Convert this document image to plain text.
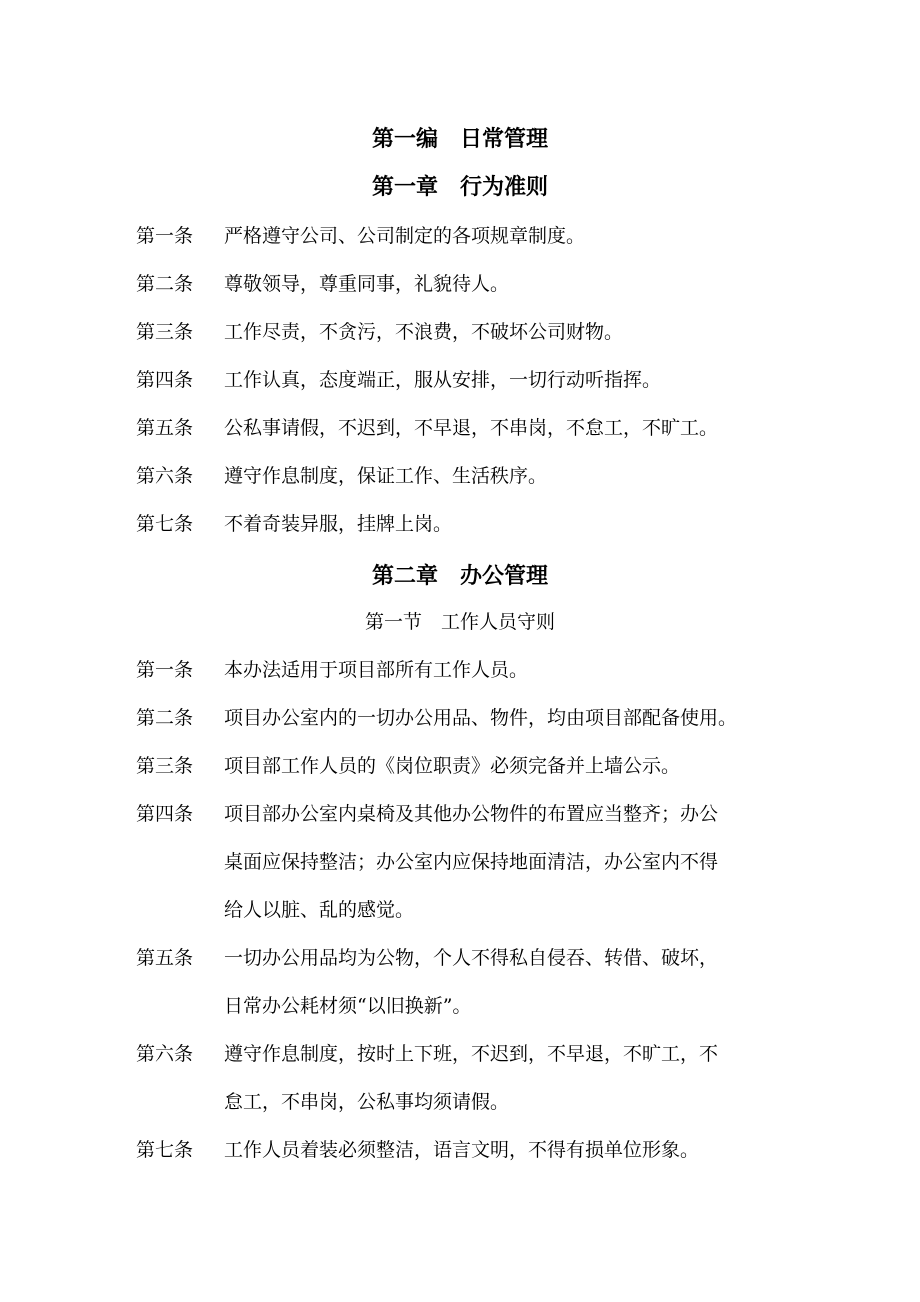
第一编　日常管理
第一章　行为准则
第一条 严格遵守公司、公司制定的各项规章制度。
第二条 尊敬领导，尊重同事，礼貌待人。
第三条 工作尽责，不贪污，不浪费，不破坏公司财物。
第四条 工作认真，态度端正，服从安排，一切行动听指挥。
第五条 公私事请假，不迟到，不早退，不串岗，不怠工，不旷工。
第六条 遵守作息制度，保证工作、生活秩序。
第七条 不着奇装异服，挂牌上岗。
第二章　办公管理
第一节　工作人员守则
第一条 本办法适用于项目部所有工作人员。
第二条 项目办公室内的一切办公用品、物件，均由项目部配备使用。
第三条 项目部工作人员的《岗位职责》必须完备并上墙公示。
第四条 项目部办公室内桌椅及其他办公物件的布置应当整齐；办公
桌面应保持整洁；办公室内应保持地面清洁，办公室内不得
给人以脏、乱的感觉。
第五条 一切办公用品均为公物，个人不得私自侵吞、转借、破坏，
日常办公耗材须“以旧换新”。
第六条 遵守作息制度，按时上下班，不迟到，不早退，不旷工，不
怠工，不串岗，公私事均须请假。
第七条 工作人员着装必须整洁，语言文明，不得有损单位形象。
